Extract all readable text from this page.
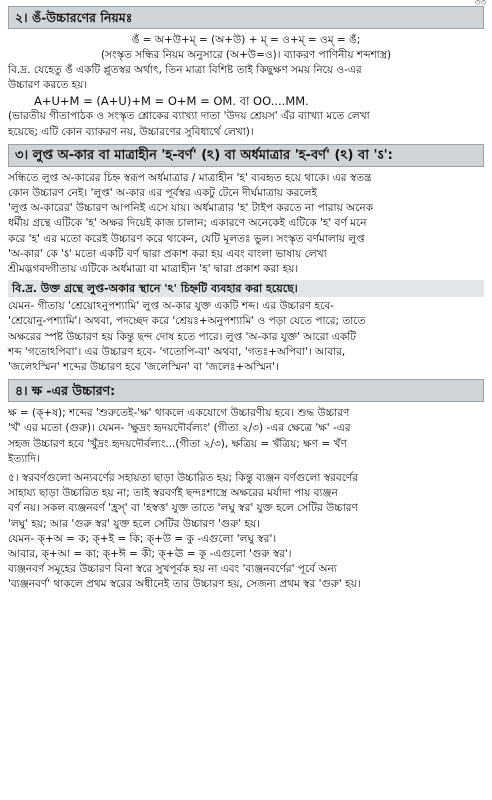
৩৩
২। ঙঁ-উচ্চারণের নিয়মঃ
ঙঁ = অ+উ+ম্ = (অ+উ) + ম্ = ও+ম্ = ওম্ = ঙঁ;
(সংস্কৃত সন্ধির নিয়ম অনুসারে (অ+উ=ও)। ব্যাকরণ পাণিনীয় শব্দশাস্ত্র)

বি.দ্র. যেহেতু ঙঁ একটি প্লুতস্বর অর্থাৎ, তিন মাত্রা বিশিষ্ট তাই কিছুক্ষণ সময় নিয়ে ও-এর
উচ্চারণ করতে হয়।

A+U+M = (A+U)+M = O+M = OM. বা OO....MM.

(ভারতীয় গীতাপাঠক ও সংস্কৃত শ্লোকের ব্যাখ্যা দাতা 'উদয় শ্রেয়স' এঁর ব্যাখ্যা মতে লেখা
হয়েছে; এটি কোন ব্যাকরণ নয়, উচ্চারণের সুবিধার্থে লেখা)।

৩। লুপ্ত অ-কার বা মাত্রাহীন 'হ-বর্ণ' (ঽ) বা অর্ধমাত্রার 'হ-বর্ণ' (ঽ) বা 'ऽ':

সন্ধিতে লুপ্ত অ-কারের চিহ্ন স্বরূপ অর্ধমাত্রার / মাত্রাহীন 'হ' ব্যবহৃত হয়ে থাকে। এর স্বতন্ত্র
কোন উচ্চারণ নেই। 'লুপ্ত' অ-কার এর পূর্বস্বর একটু টেনে দীর্ঘমাত্রায় করলেই
'লুপ্ত অ-কারের' উচ্চারণ আপনিই এসে যায়। অর্ধমাত্রার 'হ' টাইপ করতে না পারায় অনেক
ধর্মীয় গ্রন্থে এটিকে 'হ' অক্ষর দিয়েই কাজ চালান; একারণে অনেকেই এটিকে 'হ' বর্ণ মনে
করে 'হ' এর মতো করেই উচ্চারণ করে থাকেন, যেটি মূলতঃ ভুল। সংস্কৃত বর্ণমালায় লুপ্ত
'অ-কার' কে 'ऽ' মতো একটি বর্ণ দ্বারা প্রকাশ করা হয় এবং বাংলা ভাষায় লেখা
শ্রীমদ্ভগবদ্গীতায় এটিকে অর্ধমাত্রা বা মাত্রাহীন 'হ' দ্বারা প্রকাশ করা হয়।

বি.দ্র. উক্ত গ্রন্থে লুপ্ত-অকার স্থানে 'ঽ' চিহ্নটি ব্যবহার করা হয়েছে।

যেমন- গীতায় 'শ্রেয়োঽনুপশ্যামি' লুপ্ত অ-কার যুক্ত একটি শব্দ। এর উচ্চারণ হবে-
'শ্রেয়োনু-পশ্যামি'। অথবা, পদচ্ছেদ করে 'শ্রেয়ঃ+অনুপশ্যামি' ও পড়া যেতে পারে; তাতে
অক্ষরের স্পষ্ট উচ্চারণ হয় কিন্তু ছন্দ দোষ হতে পারে। লুপ্ত 'অ-কার যুক্ত' আরো একটি
শব্দ 'গতোঽপিবা'। এর উচ্চারণ হবে- 'গতোপি-বা' অথবা, 'গতঃ+অপিবা'। আবার,
'জলেঽস্মিন' শব্দের উচ্চারণ হবে 'জলেস্মিন' বা 'জলেঃ+অস্মিন'।

৪। ক্ষ -এর উচ্চারণ:

ক্ষ = (ক্+ষ); শব্দের 'শুরুতেই-'ক্ষ' থাকলে একযোগে উচ্চারণীয় হবে। শুদ্ধ উচ্চারণ
'খঁ' এর মতো (গুরু)। যেমন- 'ক্ষুদ্রং হৃদয়দৌর্বল্যং' (গীতা ২/৩) -এর ক্ষেত্রে 'ক্ষ' -এর
সহজ উচ্চারণ হবে 'খুঁদ্রং হৃদয়দৌর্বল্যং...(গীতা ২/৩), ক্ষত্রিয় = খঁত্রিয়; ক্ষণ = খঁণ
ইত্যাদি।

৫। স্বরবর্ণগুলো অন্যবর্ণের সহায়তা ছাড়া উচ্চারিত হয়; কিন্তু ব্যঞ্জন বর্ণগুলো স্বরবর্ণের
সাহায্য ছাড়া উচ্চারিত হয় না; তাই স্বরবর্ণই ছন্দঃশাস্ত্রে অক্ষরের মর্যাদা পায় ব্যঞ্জন
বর্ণ নয়। সকল ব্যঞ্জনবর্ণ 'হ্রস্' বা 'হস্বত্ত' যুক্ত তাতে 'লঘু স্বর' যুক্ত হলে সেটির উচ্চারণ
'লঘু' হয়; আর 'গুরু স্বর' যুক্ত হলে সেটির উচ্চারণ 'গুরু' হয়।

যেমন- ক্+অ = ক; ক্+ই = কি; ক্+উ = কু -এগুলো 'লঘু স্বর'।

আবার, ক্+আ = কা; ক্+ঈ = কী; ক্+ঊ = কূ -এগুলো 'গুরু স্বর'।

ব্যঞ্জনবর্ণ সমূহের উচ্চারণ বিনা স্বরে সুখপূর্বক হয় না এবং 'ব্যঞ্জনবর্ণের' পূর্বে অন্য
'ব্যঞ্জনবর্ণ' থাকলে প্রথম স্বরের অধীনেই তার উচ্চারণ হয়, সেজন্য প্রথম স্বর 'গুরু' হয়।
